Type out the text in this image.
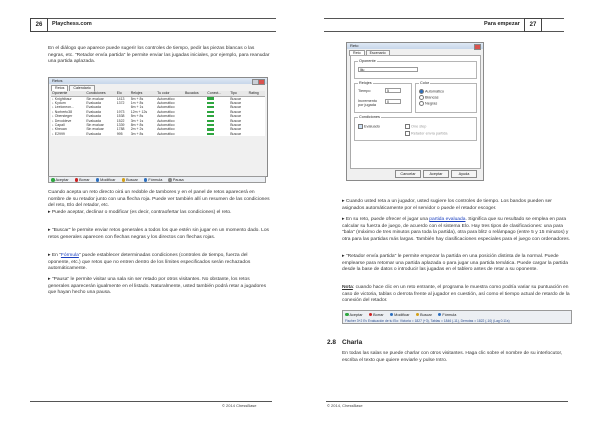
26	Playchess.com

En el diálogo que aparece puede sugerir los controles de tiempo, pedir las piezas blancas o las negras, etc. "Retador envía partida" le permite enviar las jugadas iniciales, por ejemplo, para reanudar una partida aplazada.

Retos
Retos	Calendario
Oponente	Condiciones	Elo	Relojes	Tu color	Bucados	Conect...	Tipo	Rating
↓ Knightbaur	Sin evaluar	1413	5m + 8s	Automático			Buscar	
↓ Kydurn	Evaluada	1372	1m + 8s	Automático			Buscar	
↓ Leeloneon...	Evaluada		6m + 1s	Automático			Buscar	
↓ Norbertc38	Evaluada	1973	12m + 12s	Automático			Buscar	
↓ Obersteger	Evaluada	1538	5m + 8s	Automático			Buscar	
↓ Devoldeve	Evaluada	1522	3m + 1s	Automático			Buscar	
↓ Capall	Sin evaluar	1339	8m + 8s	Automático			Buscar	
↓ Kheuan	Sin evaluar	1788	2m + 2s	Automático			Buscar	
↓ E2999	Evaluada	995	3m + 8s	Automático			Buscar	
Aceptar	Borrar	Modificar	Buscar	Fórmula	Pausa

Cuando acepta un reto directo oirá un redoble de tambores y en el panel de retos aparecerá en nombre de su retador junto con una flecha roja. Puede ver también allí un resumen de las condiciones del reto, Elo del retador, etc.

▸ Puede aceptar, declinar o modificar (es decir, contraofertar las condiciones) el reto.

▸ "Buscar" le permite enviar retos generales a todos los que estén sin jugar en un momento dado. Los retos generales aparecen con flechas negras y los directos con flechas rojas.

▸ En "Fórmula" puede establecer determinadas condiciones (controles de tiempo, fuerza del oponente, etc.) que retos que no entren dentro de los límites especificados serán rechazados automáticamente.

▸ "Pausa" le permite visitar una sala sin ser retado por otros visitantes. No obstante, los retos generales aparecerán igualmente en el listado. Naturalmente, usted también podrá retar a jugadores que hayan hecho una pausa.

© 2014 ChessBase
27
Para empezar
Reto
Reto	Escenario
Oponente
lilu
Relojes
Tiempo	5
Incremento por jugada
0
Color
Automático
Blancas
Negras
Condiciones
Evaluado	One step
Retador envía partida
Cancelar	Aceptar	Ayuda

▸ Cuando usted reta a un jugador, usted sugiere los controles de tiempo. Los bandos pueden ser asignados automáticamente por el servidor o puede el retador escoger.

▸ En su reto, puede ofrecer el jugar una partida evaluada. Significa que su resultado se emplea en para calcular su fuerza de juego, de acuerdo con el sistema Elo. Hay tres tipos de clasificaciones: una para "bala" (máximo de tres minutos para toda la partida), otra para blitz o relámpago (entre 5 y 15 minutos) y otra para las partidas más largas. También hay clasificaciones especiales para el juego con ordenadores.

▸ "Retador envía partida" le permite empezar la partida en una posición distinta de la normal. Puede emplearse para retomar una partida aplazada o para jugar una partida temática. Puede cargar la partida desde la base de datos o introducir las jugadas en el tablero antes de retar a su oponente.

Nota: cuando hace clic en un reto entrante, el programa le muestra como podría variar su puntuación en caso de victoria, tablas o derrota frente al jugador en cuestión, así como el tiempo actual de retardo de la conexión del retador.

Aceptar	Borrar	Modificar	Buscar	Fórmula
Fischer 3+2 Ev Evaluación de tu Elo: Victoria = 1827 (+3), Tablas = 1846 (-11), Derrotas = 1822 (-10) (Lag 0.11s)
2.8 Charla

En todas las salas se puede charlar con otros visitantes. Haga clic sobre el nombre de su interlocutor, escriba el texto que quiere enviarle y pulse Intro.

© 2014, ChessBase
